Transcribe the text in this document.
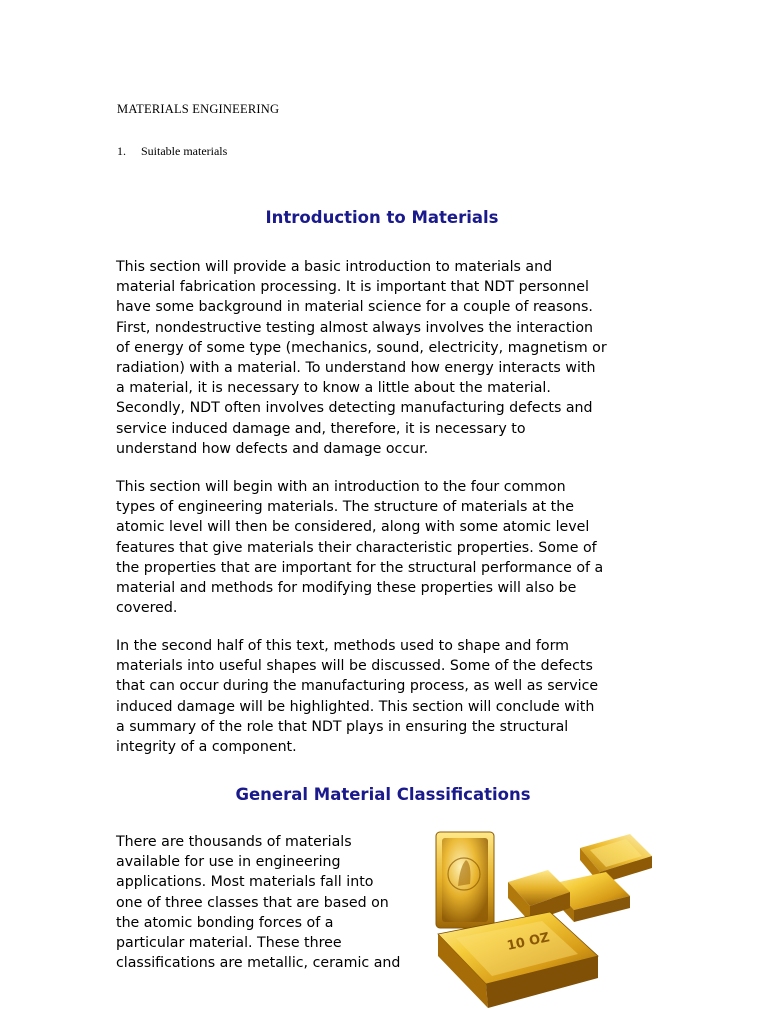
MATERIALS ENGINEERING
1. Suitable materials
Introduction to Materials
This section will provide a basic introduction to materials and
material fabrication processing. It is important that NDT personnel
have some background in material science for a couple of reasons.
First, nondestructive testing almost always involves the interaction
of energy of some type (mechanics, sound, electricity, magnetism or
radiation) with a material. To understand how energy interacts with
a material, it is necessary to know a little about the material.
Secondly, NDT often involves detecting manufacturing defects and
service induced damage and, therefore, it is necessary to
understand how defects and damage occur.
This section will begin with an introduction to the four common
types of engineering materials. The structure of materials at the
atomic level will then be considered, along with some atomic level
features that give materials their characteristic properties. Some of
the properties that are important for the structural performance of a
material and methods for modifying these properties will also be
covered.
In the second half of this text, methods used to shape and form
materials into useful shapes will be discussed. Some of the defects
that can occur during the manufacturing process, as well as service
induced damage will be highlighted. This section will conclude with
a summary of the role that NDT plays in ensuring the structural
integrity of a component.
General Material Classifications
There are thousands of materials
available for use in engineering
applications. Most materials fall into
one of three classes that are based on
the atomic bonding forces of a
particular material. These three
classifications are metallic, ceramic and
10 OZ
